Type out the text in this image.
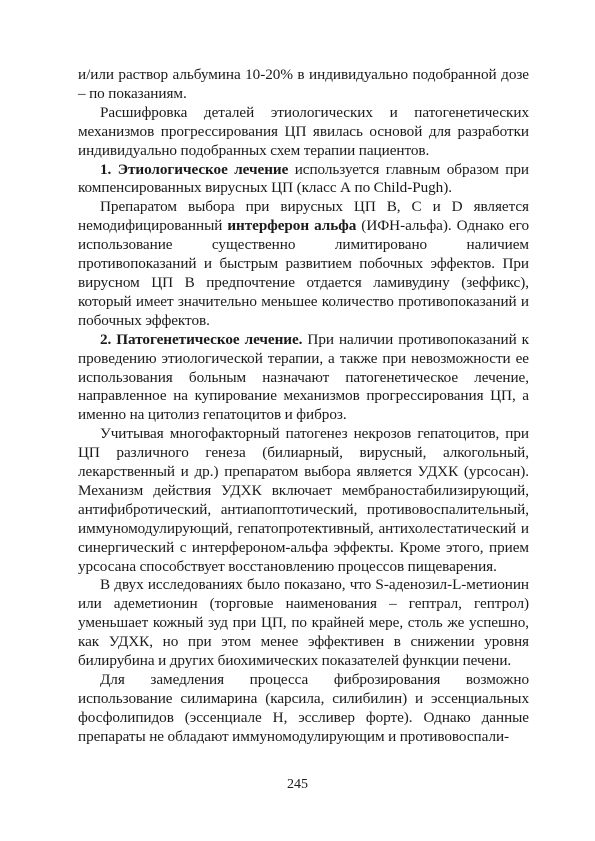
и/или раствор альбумина 10-20% в индивидуально подобранной дозе – по показаниям.

Расшифровка деталей этиологических и патогенетических механизмов прогрессирования ЦП явилась основой для разработки индивидуально подобранных схем терапии пациентов.

1. Этиологическое лечение используется главным образом при компенсированных вирусных ЦП (класс А по Child-Pugh).

Препаратом выбора при вирусных ЦП В, С и D является немодифицированный интерферон альфа (ИФН-альфа). Однако его использование существенно лимитировано наличием противопоказаний и быстрым развитием побочных эффектов. При вирусном ЦП В предпочтение отдается ламивудину (зеффикс), который имеет значительно меньшее количество противопоказаний и побочных эффектов.

2. Патогенетическое лечение. При наличии противопоказаний к проведению этиологической терапии, а также при невозможности ее использования больным назначают патогенетическое лечение, направленное на купирование механизмов прогрессирования ЦП, а именно на цитолиз гепатоцитов и фиброз.

Учитывая многофакторный патогенез некрозов гепатоцитов, при ЦП различного генеза (билиарный, вирусный, алкогольный, лекарственный и др.) препаратом выбора является УДХК (урсосан). Механизм действия УДХК включает мембраностабилизирующий, антифибротический, антиапоптотический, противовоспалительный, иммуномодулирующий, гепатопротективный, антихолестатический и синергический с интерфероном-альфа эффекты. Кроме этого, прием урсосана способствует восстановлению процессов пищеварения.

В двух исследованиях было показано, что S-аденозил-L-метионин или адеметионин (торговые наименования – гептрал, гептрол) уменьшает кожный зуд при ЦП, по крайней мере, столь же успешно, как УДХК, но при этом менее эффективен в снижении уровня билирубина и других биохимических показателей функции печени.

Для замедления процесса фиброзирования возможно использование силимарина (карсила, силибилин) и эссенциальных фосфолипидов (эссенциале Н, эссливер форте). Однако данные препараты не обладают иммуномодулирующим и противовоспали-

245
